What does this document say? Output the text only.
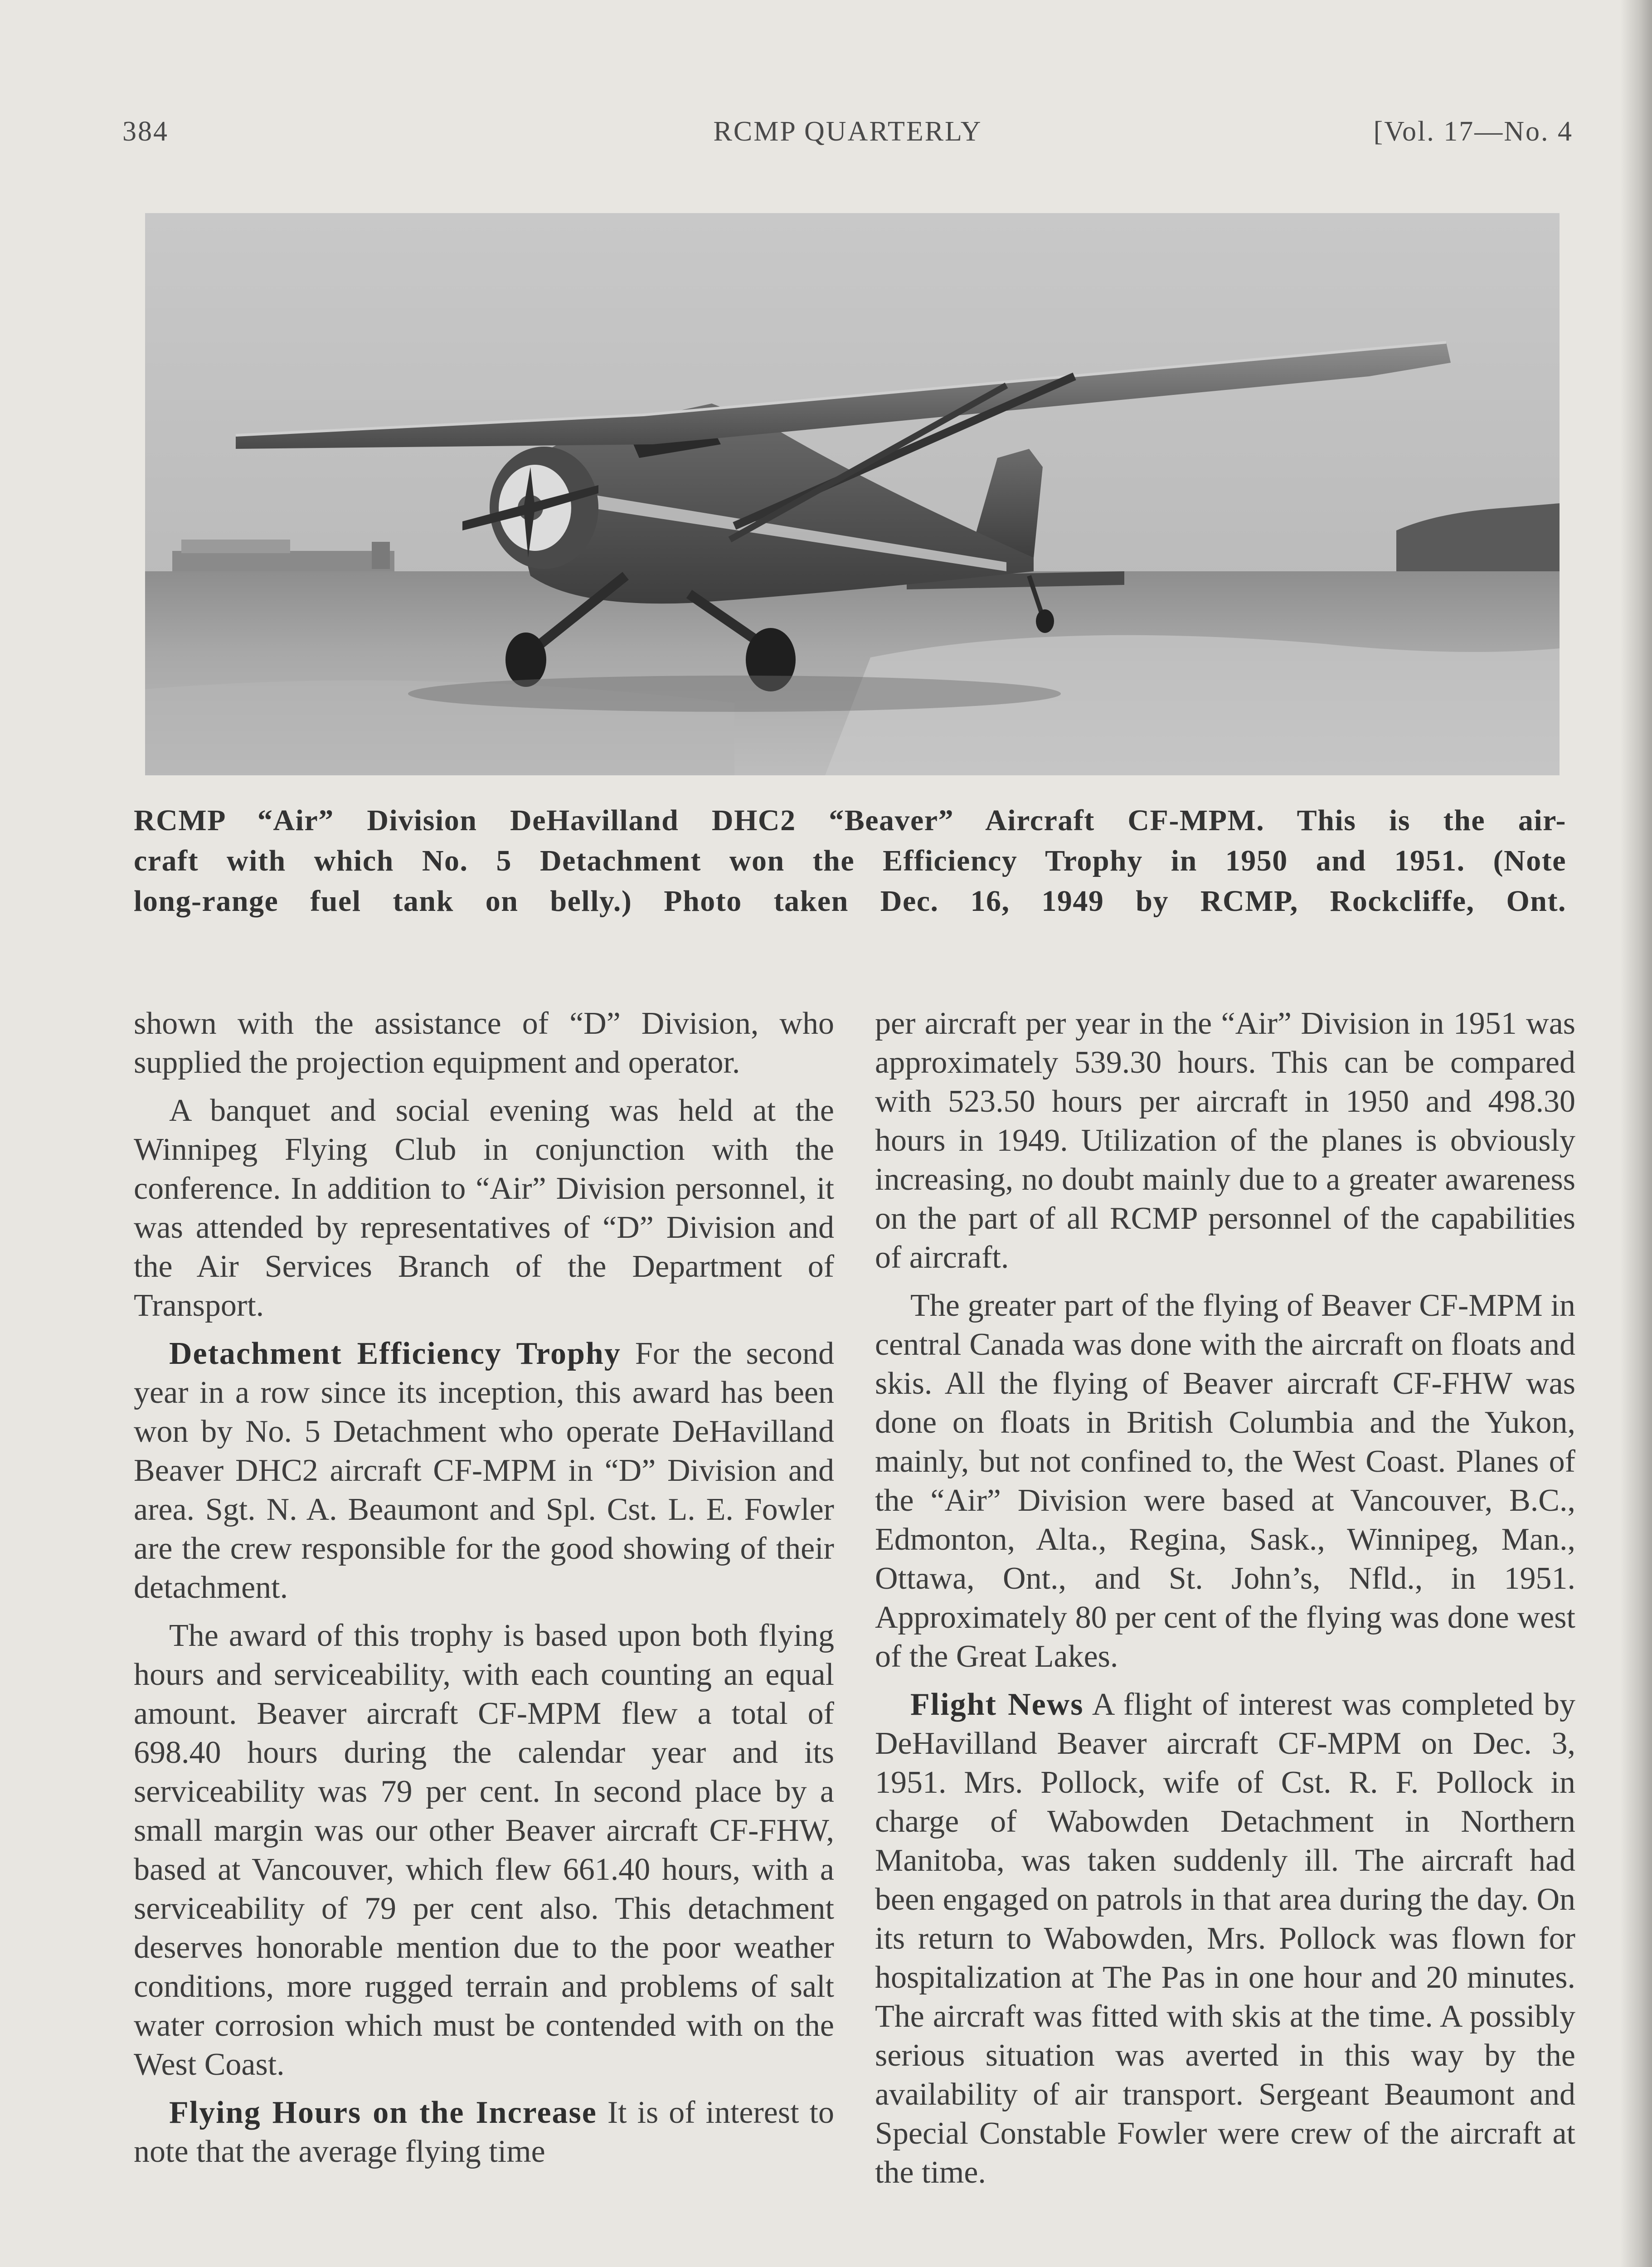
384	RCMP QUARTERLY	[Vol. 17—No. 4
RCMP “Air” Division DeHavilland DHC2 “Beaver” Aircraft CF-MPM. This is the air-
craft with which No. 5 Detachment won the Efficiency Trophy in 1950 and 1951. (Note
long-range fuel tank on belly.) Photo taken Dec. 16, 1949 by RCMP, Rockcliffe, Ont.

shown with the assistance of “D” Division, who supplied the projection equipment and operator.

A banquet and social evening was held at the Winnipeg Flying Club in conjunction with the conference. In addition to “Air” Division personnel, it was attended by representatives of “D” Division and the Air Services Branch of the Department of Transport.

Detachment Efficiency Trophy For the second year in a row since its inception, this award has been won by No. 5 Detachment who operate DeHavilland Beaver DHC2 aircraft CF-MPM in “D” Division and area. Sgt. N. A. Beaumont and Spl. Cst. L. E. Fowler are the crew responsible for the good showing of their detachment.

The award of this trophy is based upon both flying hours and serviceability, with each counting an equal amount. Beaver aircraft CF-MPM flew a total of 698.40 hours during the calendar year and its serviceability was 79 per cent. In second place by a small margin was our other Beaver aircraft CF-FHW, based at Vancouver, which flew 661.40 hours, with a serviceability of 79 per cent also. This detachment deserves honorable mention due to the poor weather conditions, more rugged terrain and problems of salt water corrosion which must be contended with on the West Coast.

Flying Hours on the Increase It is of interest to note that the average flying time

per aircraft per year in the “Air” Division in 1951 was approximately 539.30 hours. This can be compared with 523.50 hours per aircraft in 1950 and 498.30 hours in 1949. Utilization of the planes is obviously increasing, no doubt mainly due to a greater awareness on the part of all RCMP personnel of the capabilities of aircraft.

The greater part of the flying of Beaver CF-MPM in central Canada was done with the aircraft on floats and skis. All the flying of Beaver aircraft CF-FHW was done on floats in British Columbia and the Yukon, mainly, but not confined to, the West Coast. Planes of the “Air” Division were based at Vancouver, B.C., Edmonton, Alta., Regina, Sask., Winnipeg, Man., Ottawa, Ont., and St. John’s, Nfld., in 1951. Approximately 80 per cent of the flying was done west of the Great Lakes.

Flight News A flight of interest was completed by DeHavilland Beaver aircraft CF-MPM on Dec. 3, 1951. Mrs. Pollock, wife of Cst. R. F. Pollock in charge of Wabowden Detachment in Northern Manitoba, was taken suddenly ill. The aircraft had been engaged on patrols in that area during the day. On its return to Wabowden, Mrs. Pollock was flown for hospitalization at The Pas in one hour and 20 minutes. The aircraft was fitted with skis at the time. A possibly serious situation was averted in this way by the availability of air transport. Sergeant Beaumont and Special Constable Fowler were crew of the aircraft at the time.
